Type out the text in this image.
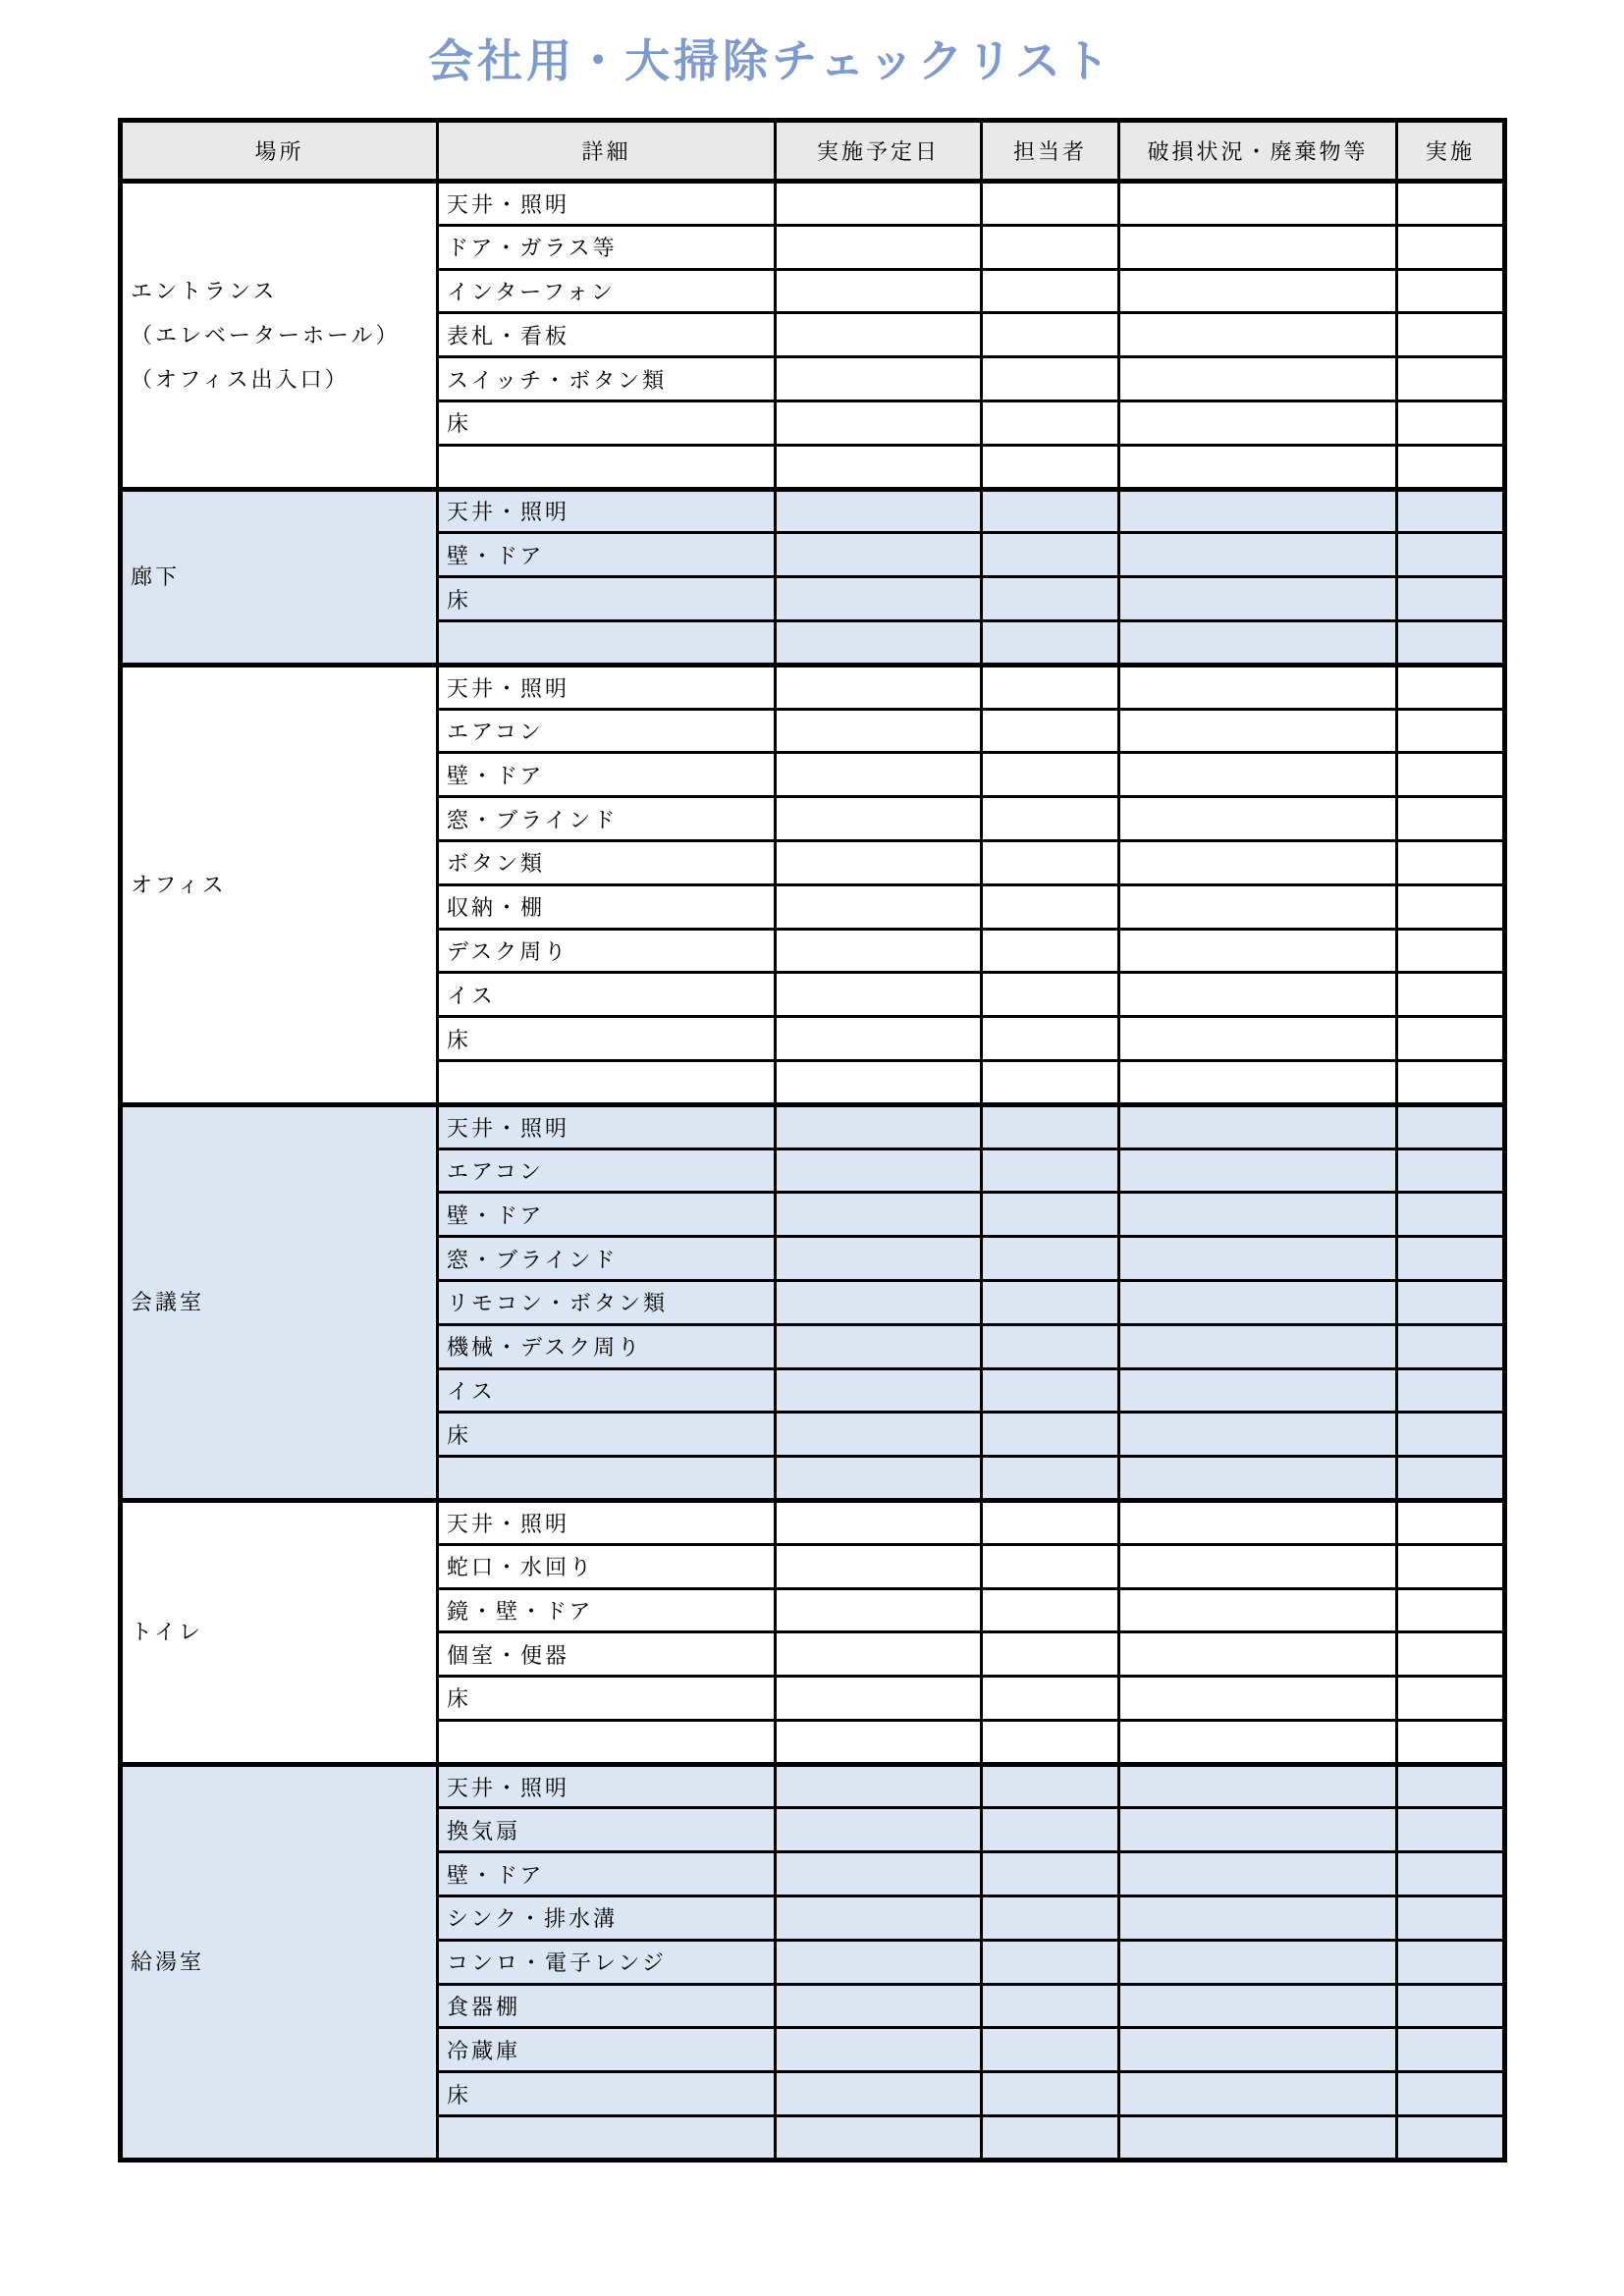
会社用・大掃除チェックリスト
場所	詳細	実施予定日	担当者	破損状況・廃棄物等	実施

エントランス
（エレベーターホール）
（オフィス出入口）	天井・照明				
	ドア・ガラス等				
	インターフォン				
	表札・看板				
	スイッチ・ボタン類				
	床				

廊下	天井・照明				
	壁・ドア				
	床				

オフィス	天井・照明				
	エアコン				
	壁・ドア				
	窓・ブラインド				
	ボタン類				
	収納・棚				
	デスク周り				
	イス				
	床				

会議室	天井・照明				
	エアコン				
	壁・ドア				
	窓・ブラインド				
	リモコン・ボタン類				
	機械・デスク周り				
	イス				
	床				

トイレ	天井・照明				
	蛇口・水回り				
	鏡・壁・ドア				
	個室・便器				
	床				

給湯室	天井・照明				
	換気扇				
	壁・ドア				
	シンク・排水溝				
	コンロ・電子レンジ				
	食器棚				
	冷蔵庫				
	床				
